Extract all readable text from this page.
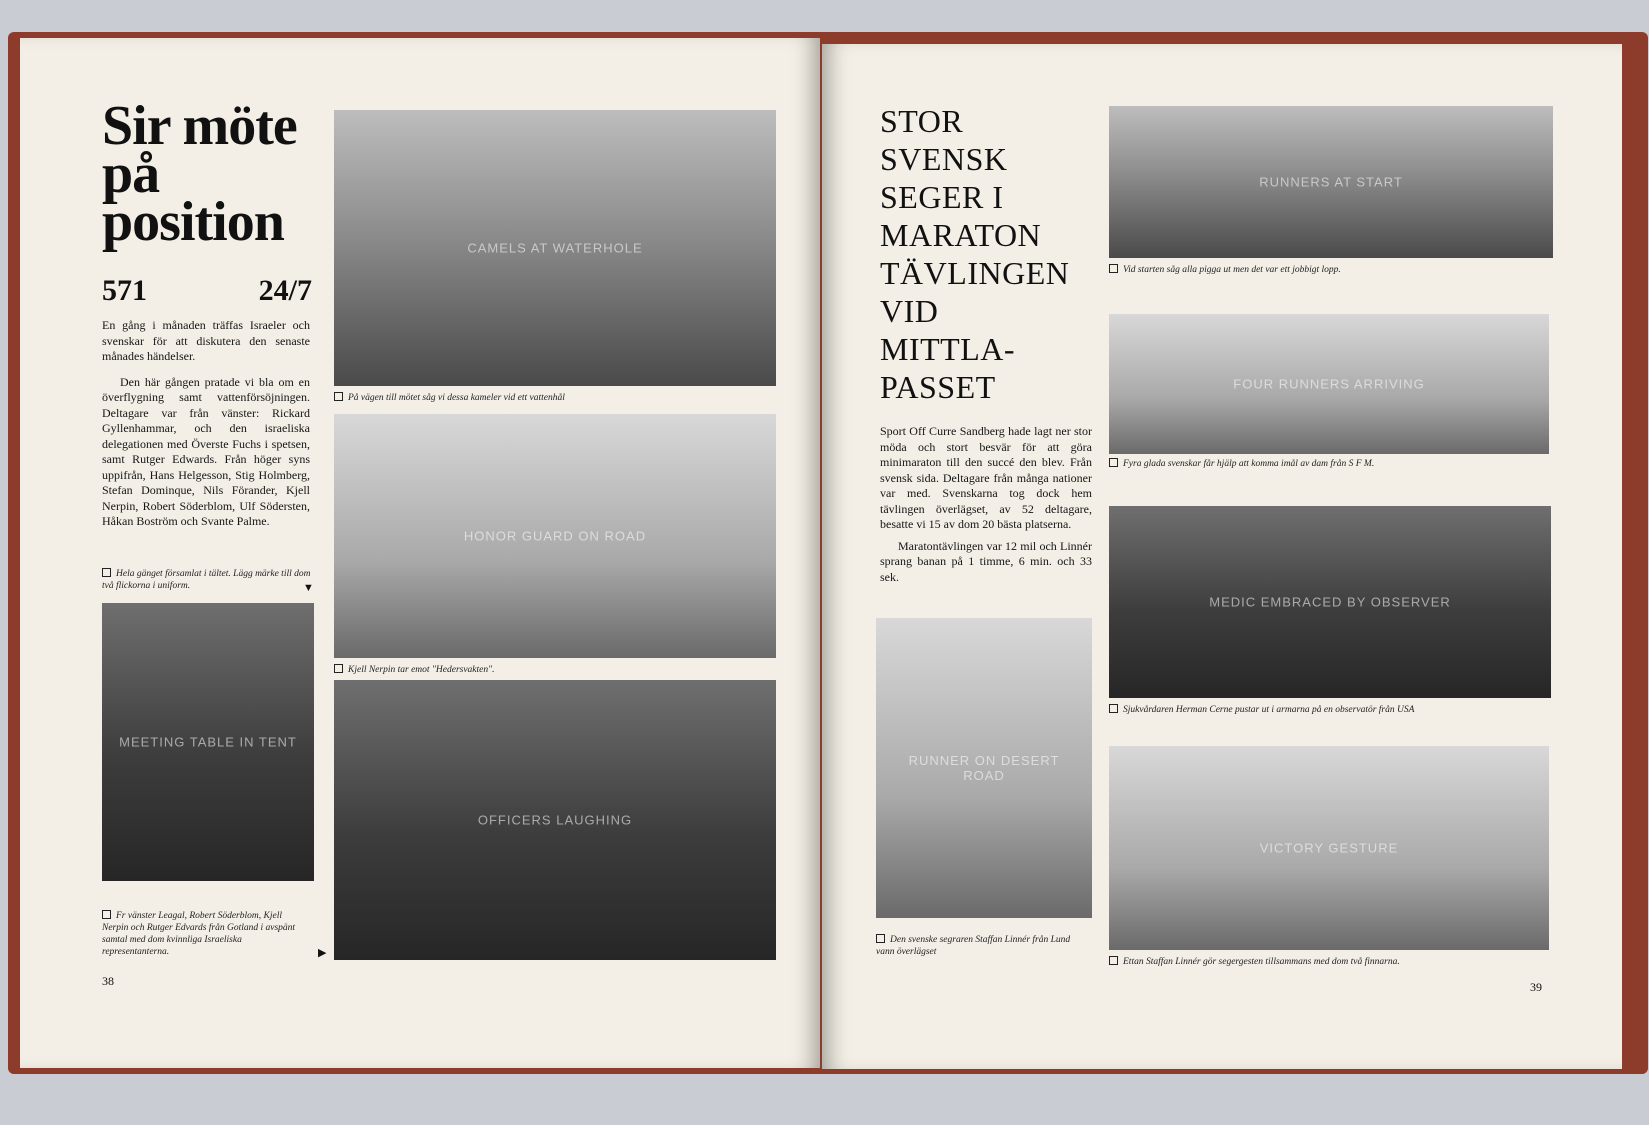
Sir möte
på
position
571	24/7

En gång i månaden träffas Israeler och svenskar för att diskutera den senaste månades händelser.

Den här gången pratade vi bla om en överflygning samt vattenförsöjningen. Deltagare var från vänster: Rickard Gyllenhammar, och den israeliska delegationen med Överste Fuchs i spetsen, samt Rutger Edwards. Från höger syns uppifrån, Hans Helgesson, Stig Holmberg, Stefan Dominque, Nils Förander, Kjell Nerpin, Robert Söderblom, Ulf Södersten, Håkan Boström och Svante Palme.

Hela gänget församlat i tältet. Lägg märke till dom två flickorna i uniform.	▼
MEETING TABLE IN TENT
Fr vänster Leagal, Robert Söderblom, Kjell Nerpin och Rutger Edvards från Gotland i avspänt samtal med dom kvinnliga Israeliska representanterna.	▶
38
CAMELS AT WATERHOLE
På vägen till mötet såg vi dessa kameler vid ett vattenhål
HONOR GUARD ON ROAD
Kjell Nerpin tar emot "Hedersvakten".
OFFICERS LAUGHING
STOR
SVENSK
SEGER I
MARATON
TÄVLINGEN
VID
MITTLA-
PASSET

Sport Off Curre Sandberg hade lagt ner stor möda och stort besvär för att göra minimaraton till den succé den blev. Från svensk sida. Deltagare från många nationer var med. Svenskarna tog dock hem tävlingen överlägset, av 52 deltagare, besatte vi 15 av dom 20 bästa platserna.

Maratontävlingen var 12 mil och Linnér sprang banan på 1 timme, 6 min. och 33 sek.

RUNNER ON DESERT ROAD
Den svenske segraren Staffan Linnér från Lund vann överlägset
RUNNERS AT START
Vid starten såg alla pigga ut men det var ett jobbigt lopp.
FOUR RUNNERS ARRIVING
Fyra glada svenskar får hjälp att komma imål av dam från S F M.
MEDIC EMBRACED BY OBSERVER
Sjukvårdaren Herman Cerne pustar ut i armarna på en observatör från USA
VICTORY GESTURE
Ettan Staffan Linnér gör segergesten tillsammans med dom två finnarna.
39
